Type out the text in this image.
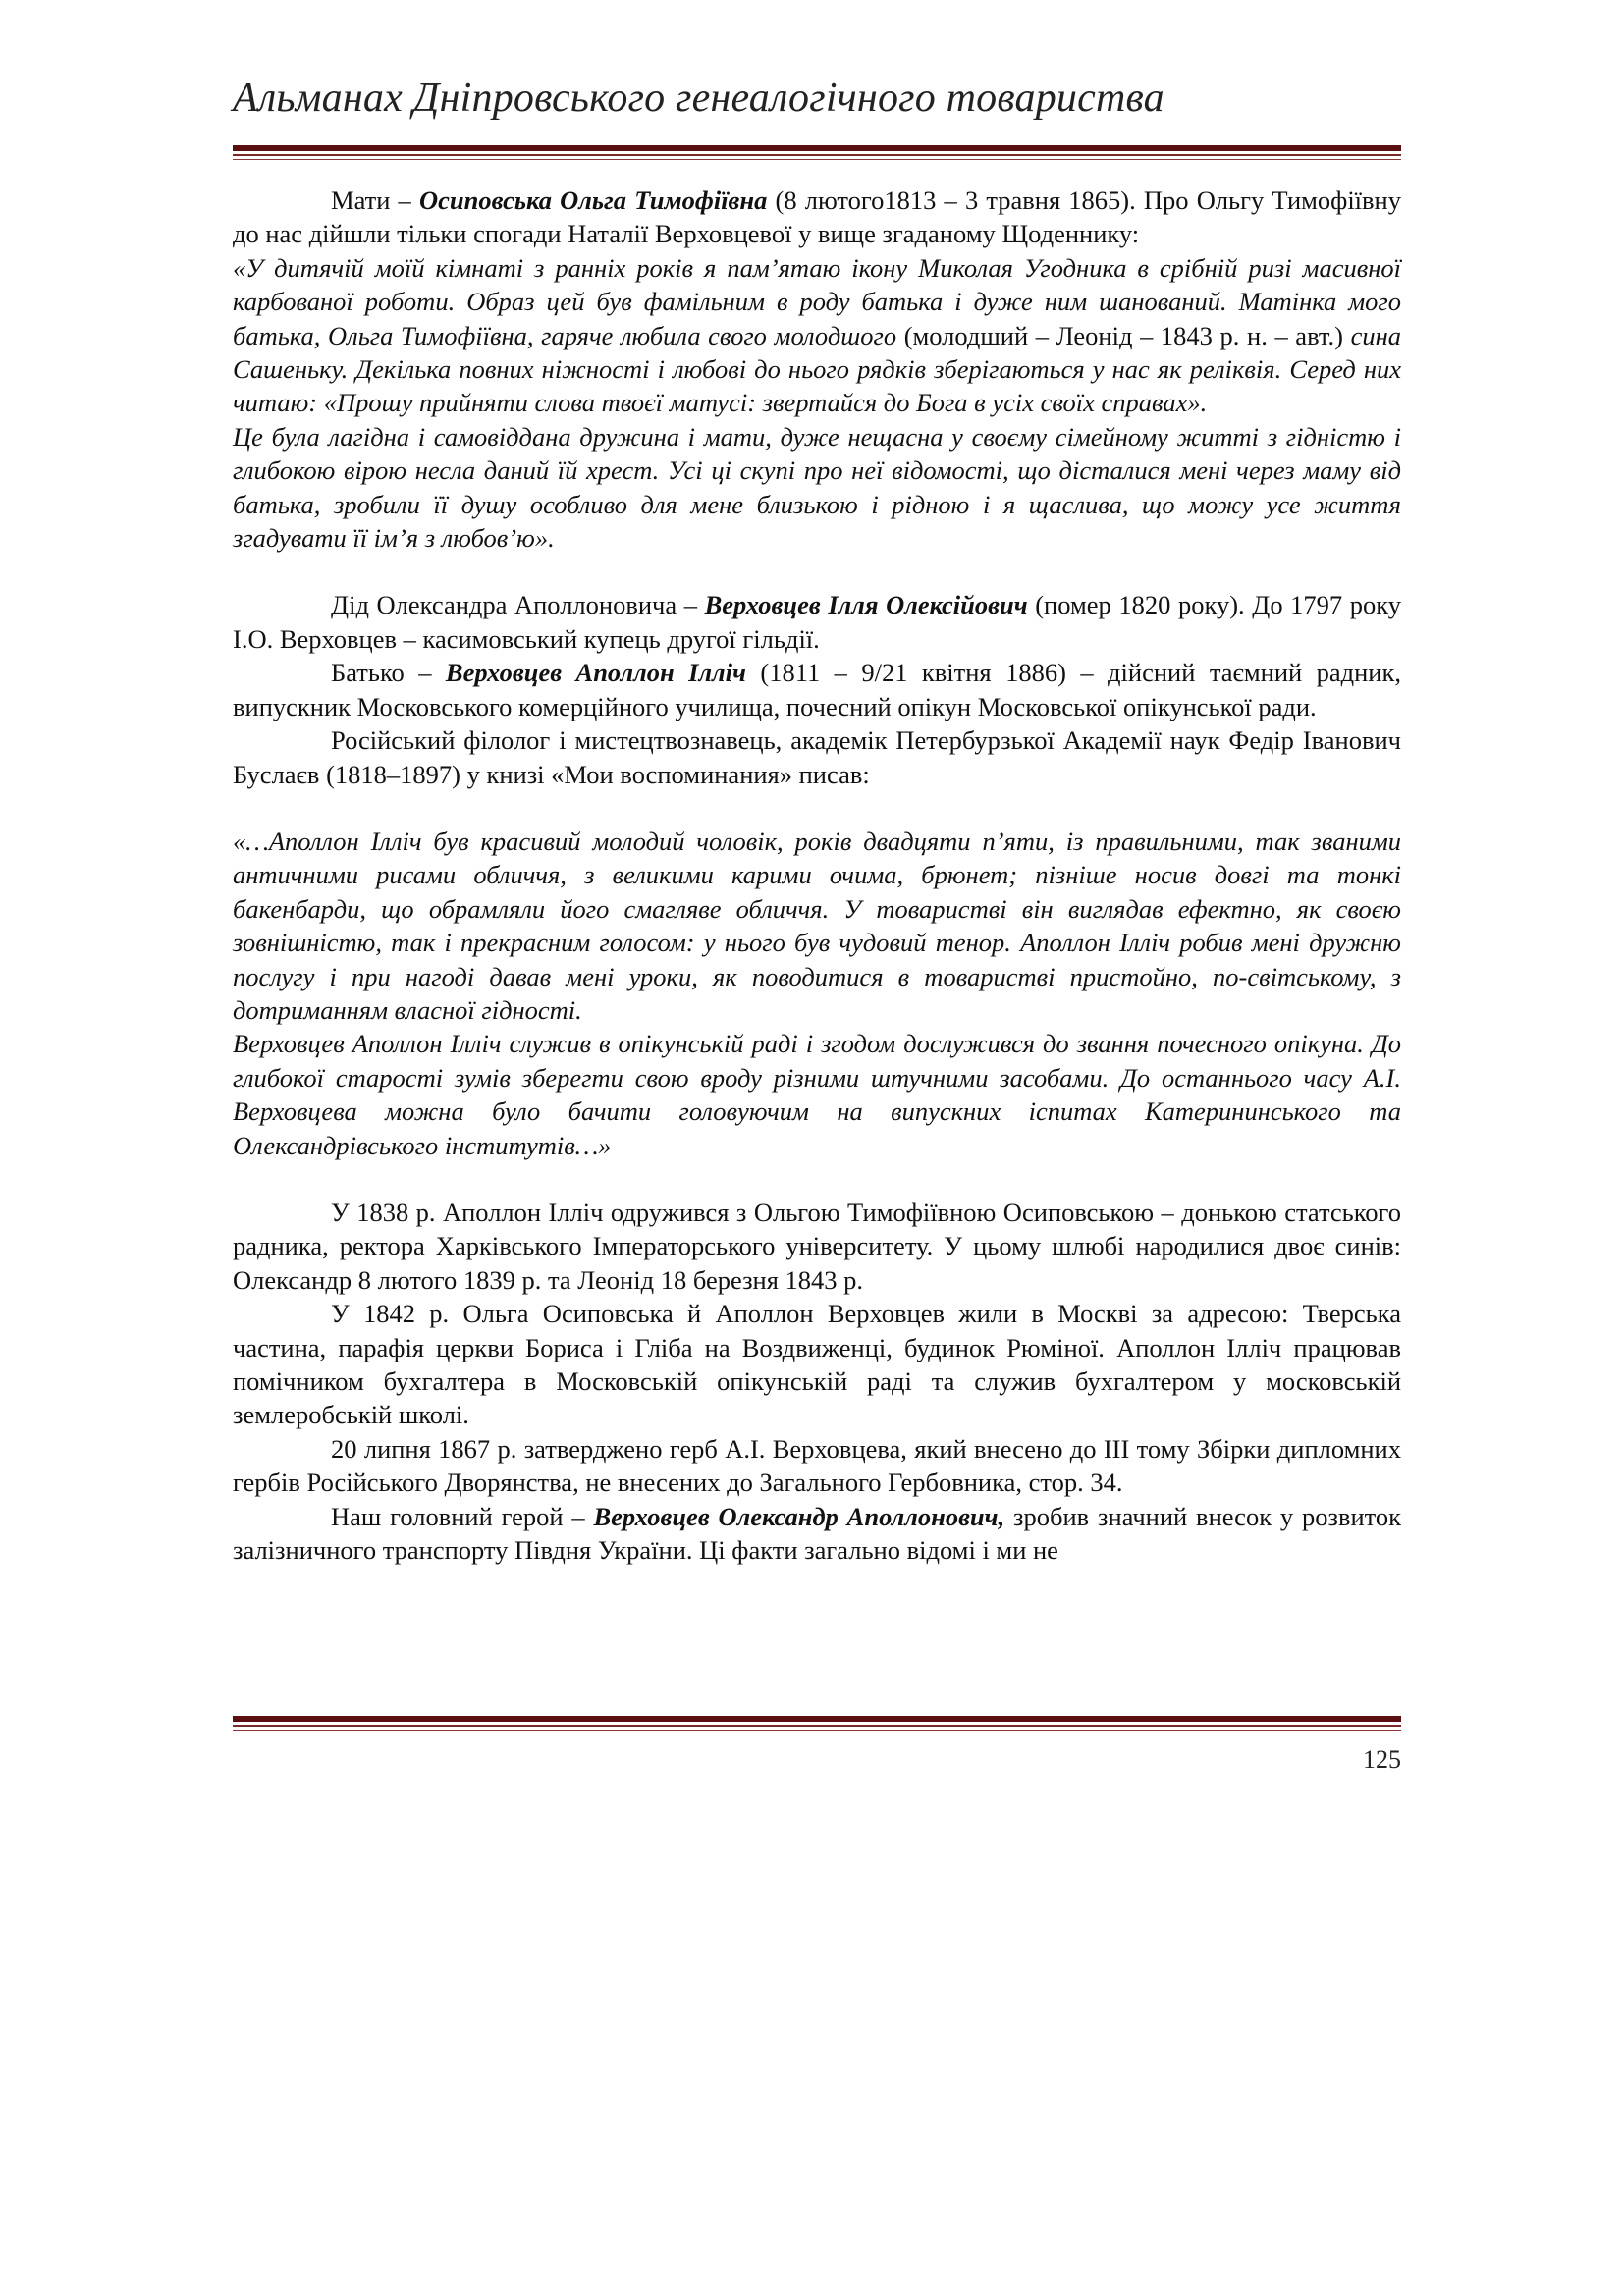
Альманах Дніпровського генеалогічного товариства

Мати – Осиповська Ольга Тимофіївна (8 лютого1813 – 3 травня 1865). Про Ольгу Тимофіївну до нас дійшли тільки спогади Наталії Верховцевої у вище згаданому Щоденнику:

«У дитячій моїй кімнаті з ранніх років я пам’ятаю ікону Миколая Угодника в срібній ризі масивної карбованої роботи. Образ цей був фамільним в роду батька і дуже ним шанований. Матінка мого батька, Ольга Тимофіївна, гаряче любила свого молодшого (молодший – Леонід – 1843 р. н. – авт.) сина Сашеньку. Декілька повних ніжності і любові до нього рядків зберігаються у нас як реліквія. Серед них читаю: «Прошу прийняти слова твоєї матусі: звертайся до Бога в усіх своїх справах».

Це була лагідна і самовіддана дружина і мати, дуже нещасна у своєму сімейному житті з гідністю і глибокою вірою несла даний їй хрест. Усі ці скупі про неї відомості, що дісталися мені через маму від батька, зробили її душу особливо для мене близькою і рідною і я щаслива, що можу усе життя згадувати її ім’я з любов’ю».

Дід Олександра Аполлоновича – Верховцев Ілля Олексійович (помер 1820 року). До 1797 року І.О. Верховцев – касимовський купець другої гільдії.

Батько – Верховцев Аполлон Ілліч (1811 – 9/21 квітня 1886) – дійсний таємний радник, випускник Московського комерційного училища, почесний опікун Московської опікунської ради.

Російський філолог і мистецтвознавець, академік Петербурзької Академії наук Федір Іванович Буслаєв (1818–1897) у книзі «Мои воспоминания» писав:

«…Аполлон Ілліч був красивий молодий чоловік, років двадцяти п’яти, із правильними, так званими античними рисами обличчя, з великими карими очима, брюнет; пізніше носив довгі та тонкі бакенбарди, що обрамляли його смагляве обличчя. У товаристві він виглядав ефектно, як своєю зовнішністю, так і прекрасним голосом: у нього був чудовий тенор. Аполлон Ілліч робив мені дружню послугу і при нагоді давав мені уроки, як поводитися в товаристві пристойно, по-світському, з дотриманням власної гідності.

Верховцев Аполлон Ілліч служив в опікунській раді і згодом дослужився до звання почесного опікуна. До глибокої старості зумів зберегти свою вроду різними штучними засобами. До останнього часу А.І. Верховцева можна було бачити головуючим на випускних іспитах Катерининського та Олександрівського інститутів…»

У 1838 р. Аполлон Ілліч одружився з Ольгою Тимофіївною Осиповською – донькою статського радника, ректора Харківського Імператорського університету. У цьому шлюбі народилися двоє синів: Олександр 8 лютого 1839 р. та Леонід 18 березня 1843 р.

У 1842 р. Ольга Осиповська й Аполлон Верховцев жили в Москві за адресою: Тверська частина, парафія церкви Бориса і Гліба на Воздвиженці, будинок Рюміної. Аполлон Ілліч працював помічником бухгалтера в Московській опікунській раді та служив бухгалтером у московській землеробській школі.

20 липня 1867 р. затверджено герб А.І. Верховцева, який внесено до ІІІ тому Збірки дипломних гербів Російського Дворянства, не внесених до Загального Гербовника, стор. 34.

Наш головний герой – Верховцев Олександр Аполлонович, зробив значний внесок у розвиток залізничного транспорту Півдня України. Ці факти загально відомі і ми не

125
